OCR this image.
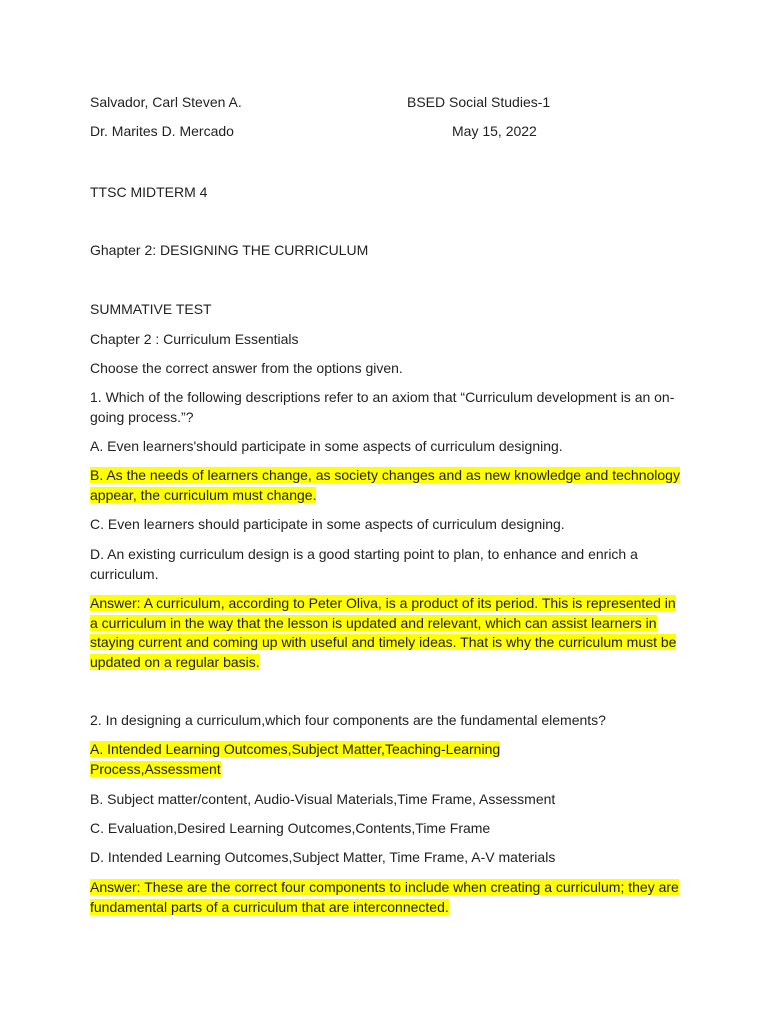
Salvador, Carl Steven A.	BSED Social Studies-1
Dr. Marites D. Mercado	May 15, 2022
TTSC MIDTERM 4
Ghapter 2: DESIGNING THE CURRICULUM
SUMMATIVE TEST
Chapter 2 : Curriculum Essentials
Choose the correct answer from the options given.
1. Which of the following descriptions refer to an axiom that “Curriculum development is an on-going process.”?
A. Even learners'should participate in some aspects of curriculum designing.
B. As the needs of learners change, as society changes and as new knowledge and technology appear, the curriculum must change.
C. Even learners should participate in some aspects of curriculum designing.
D. An existing curriculum design is a good starting point to plan, to enhance and enrich a curriculum.
Answer: A curriculum, according to Peter Oliva, is a product of its period. This is represented in a curriculum in the way that the lesson is updated and relevant, which can assist learners in staying current and coming up with useful and timely ideas. That is why the curriculum must be updated on a regular basis.
2. In designing a curriculum,which four components are the fundamental elements?
A. Intended Learning Outcomes,Subject Matter,Teaching-Learning Process,Assessment
B. Subject matter/content, Audio-Visual Materials,Time Frame, Assessment
C. Evaluation,Desired Learning Outcomes,Contents,Time Frame
D. Intended Learning Outcomes,Subject Matter, Time Frame, A-V materials
Answer: These are the correct four components to include when creating a curriculum; they are fundamental parts of a curriculum that are interconnected.
